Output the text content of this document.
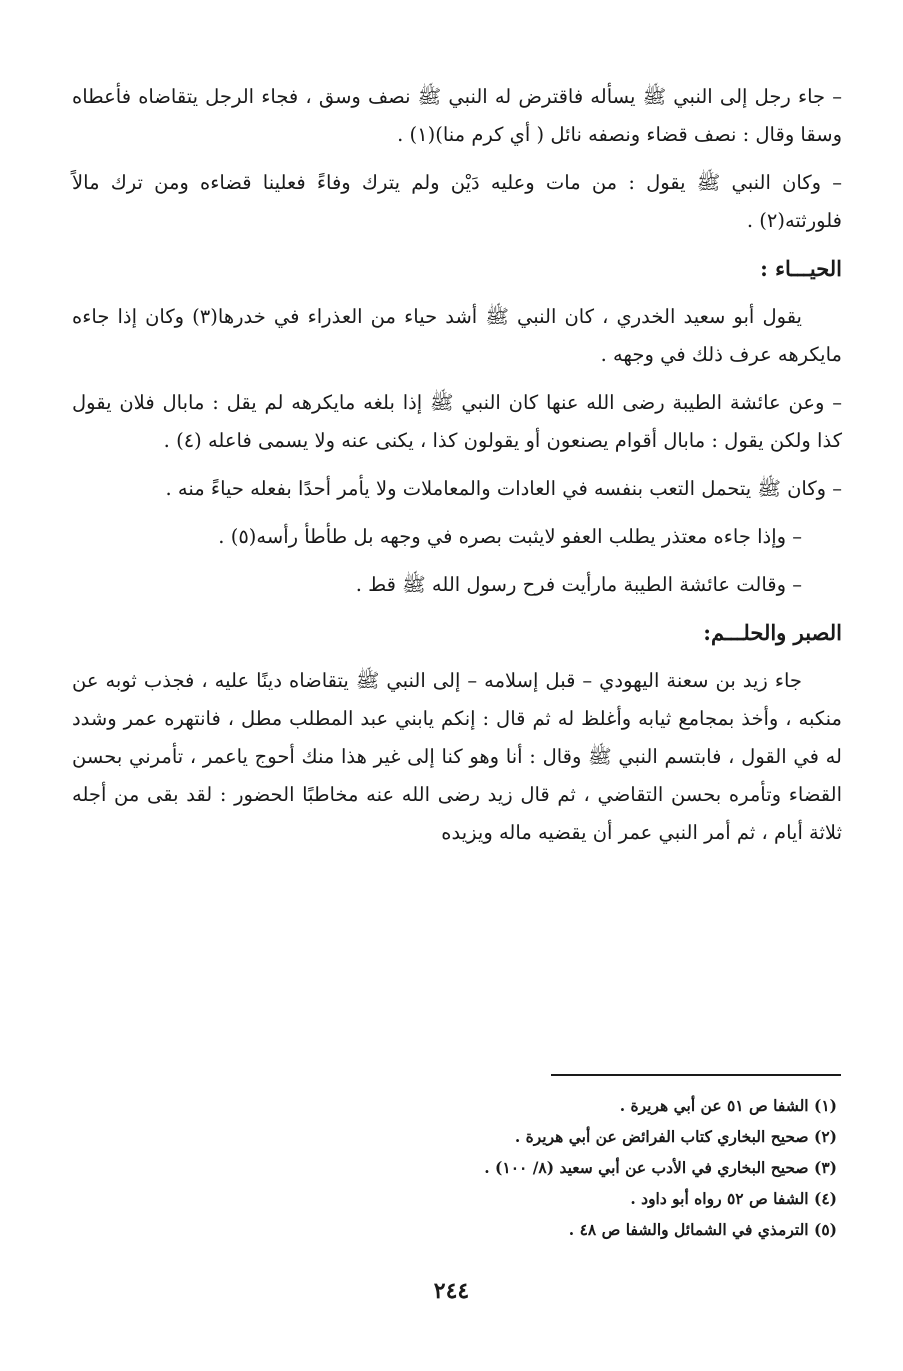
– جاء رجل إلى النبي ﷺ يسأله فاقترض له النبي ﷺ نصف وسق ، فجاء الرجل يتقاضاه فأعطاه وسقا وقال : نصف قضاء ونصفه نائل ( أي كرم منا)(١) .

– وكان النبي ﷺ يقول : من مات وعليه دَيْن ولم يترك وفاءً فعلينا قضاءه ومن ترك مالاً فلورثته(٢) .

الحيـــاء :

يقول أبو سعيد الخدري ، كان النبي ﷺ أشد حياء من العذراء في خدرها(٣) وكان إذا جاءه مايكرهه عرف ذلك في وجهه .

– وعن عائشة الطيبة رضى الله عنها كان النبي ﷺ إذا بلغه مايكرهه لم يقل : مابال فلان يقول كذا ولكن يقول : مابال أقوام يصنعون أو يقولون كذا ، يكنى عنه ولا يسمى فاعله (٤) .

– وكان ﷺ يتحمل التعب بنفسه في العادات والمعاملات ولا يأمر أحدًا بفعله حياءً منه .

– وإذا جاءه معتذر يطلب العفو لايثبت بصره في وجهه بل طأطأ رأسه(٥) .

– وقالت عائشة الطيبة مارأيت فرح رسول الله ﷺ قط .

الصبر والحلـــم:

جاء زيد بن سعنة اليهودي – قبل إسلامه – إلى النبي ﷺ يتقاضاه دينًا عليه ، فجذب ثوبه عن منكبه ، وأخذ بمجامع ثيابه وأغلظ له ثم قال : إنكم يابني عبد المطلب مطل ، فانتهره عمر وشدد له في القول ، فابتسم النبي ﷺ وقال : أنا وهو كنا إلى غير هذا منك أحوج ياعمر ، تأمرني بحسن القضاء وتأمره بحسن التقاضي ، ثم قال زيد رضى الله عنه مخاطبًا الحضور : لقد بقى من أجله ثلاثة أيام ، ثم أمر النبي عمر أن يقضيه ماله ويزيده

(١) الشفا ص ٥١ عن أبي هريرة .

(٢) صحيح البخاري كتاب الفرائض عن أبي هريرة .

(٣) صحيح البخاري في الأدب عن أبي سعيد (٨/ ١٠٠) .

(٤) الشفا ص ٥٢ رواه أبو داود .

(٥) الترمذي في الشمائل والشفا ص ٤٨ .

٢٤٤
